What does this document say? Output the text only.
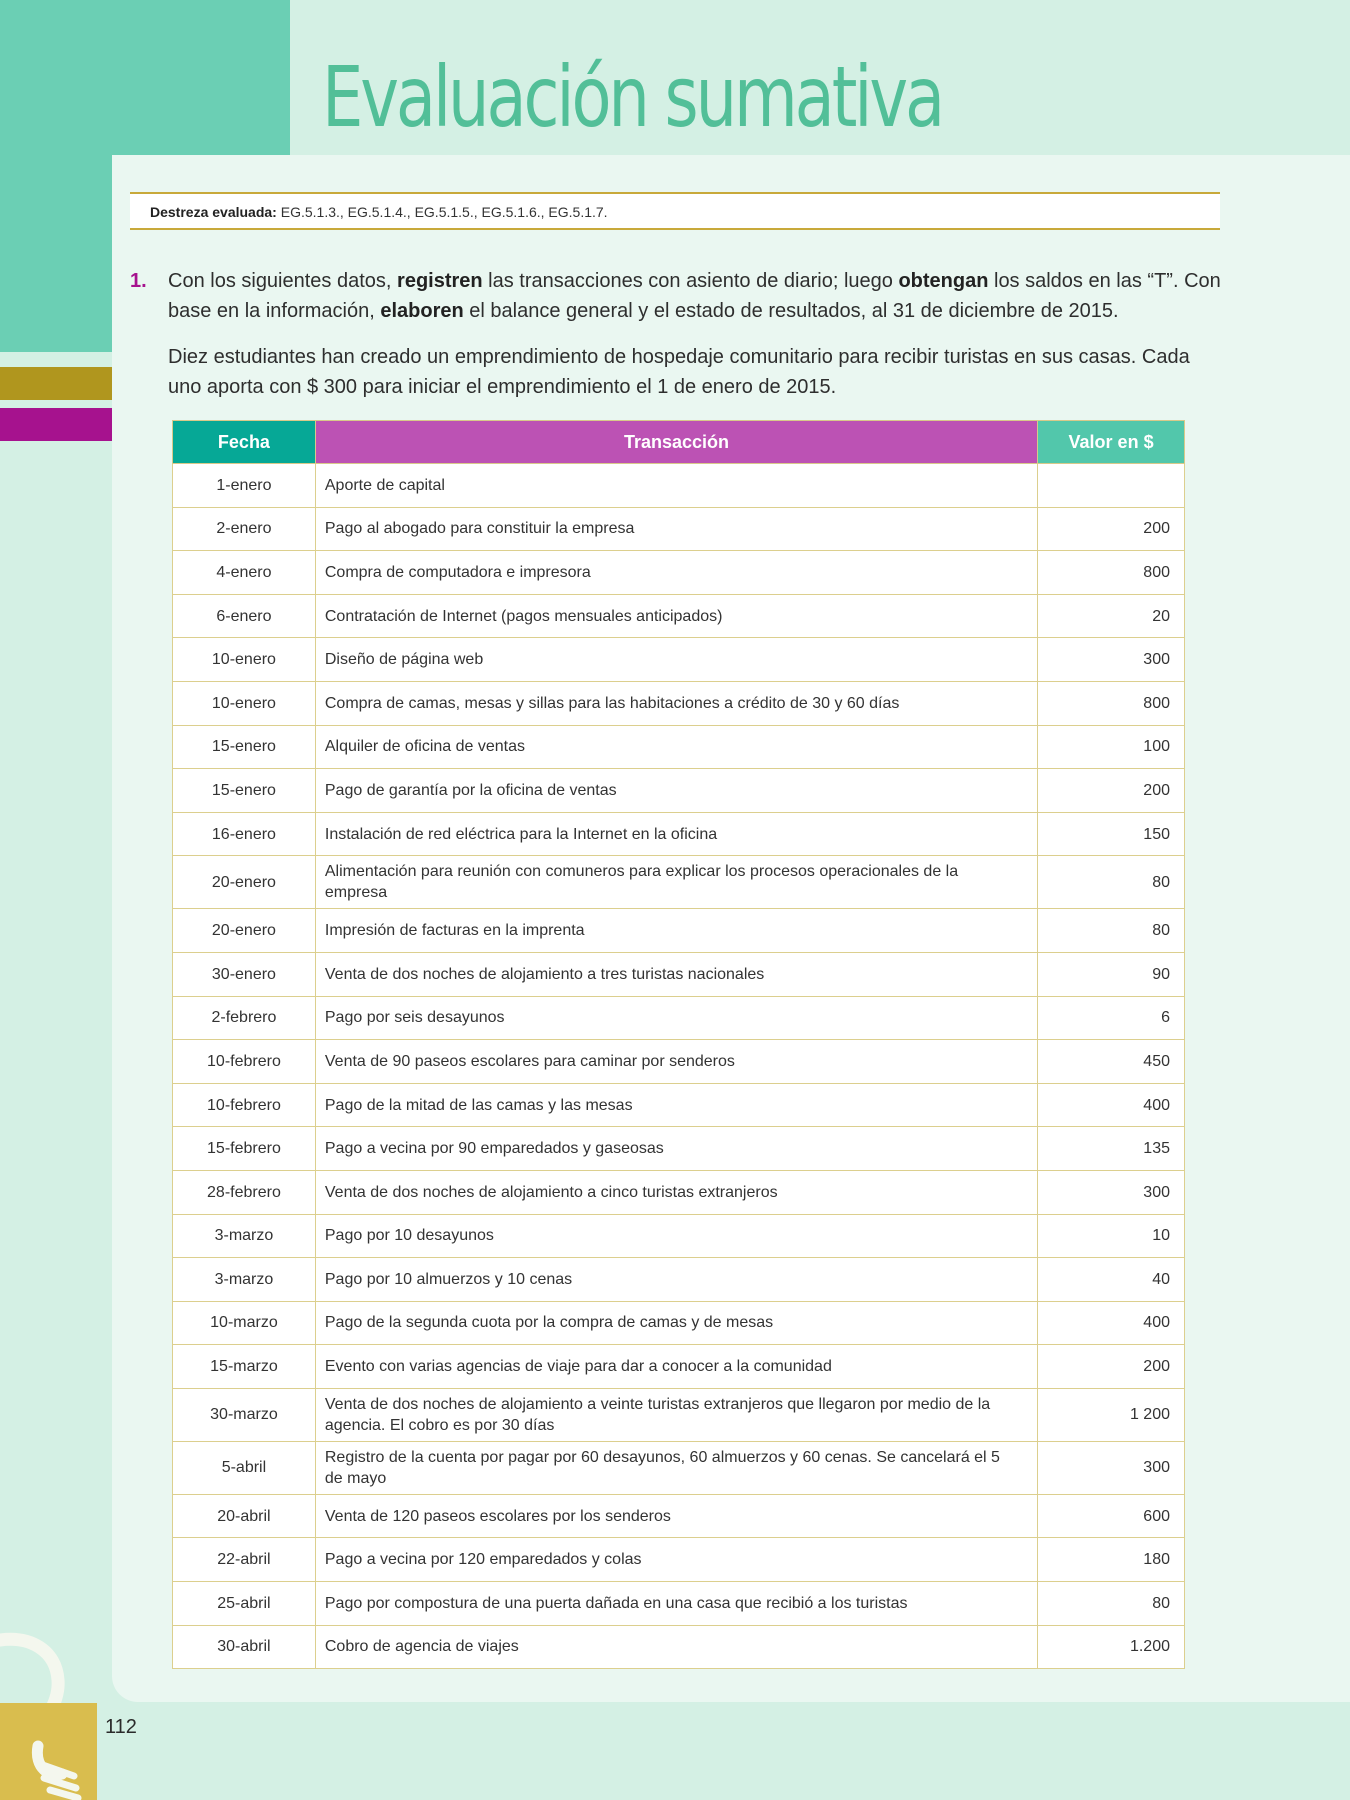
Evaluación sumativa
Destreza evaluada: EG.5.1.3., EG.5.1.4., EG.5.1.5., EG.5.1.6., EG.5.1.7.
1. Con los siguientes datos, registren las transacciones con asiento de diario; luego obtengan los saldos en las “T”. Con base en la información, elaboren el balance general y el estado de resultados, al 31 de diciembre de 2015.

Diez estudiantes han creado un emprendimiento de hospedaje comunitario para recibir turistas en sus casas. Cada uno aporta con $ 300 para iniciar el emprendimiento el 1 de enero de 2015.

Fecha	Transacción	Valor en $
1-enero	Aporte de capital	
2-enero	Pago al abogado para constituir la empresa	200
4-enero	Compra de computadora e impresora	800
6-enero	Contratación de Internet (pagos mensuales anticipados)	20
10-enero	Diseño de página web	300
10-enero	Compra de camas, mesas y sillas para las habitaciones a crédito de 30 y 60 días	800
15-enero	Alquiler de oficina de ventas	100
15-enero	Pago de garantía por la oficina de ventas	200
16-enero	Instalación de red eléctrica para la Internet en la oficina	150
20-enero	Alimentación para reunión con comuneros para explicar los procesos operacionales de la empresa	80
20-enero	Impresión de facturas en la imprenta	80
30-enero	Venta de dos noches de alojamiento a tres turistas nacionales	90
2-febrero	Pago por seis desayunos	6
10-febrero	Venta de 90 paseos escolares para caminar por senderos	450
10-febrero	Pago de la mitad de las camas y las mesas	400
15-febrero	Pago a vecina por 90 emparedados y gaseosas	135
28-febrero	Venta de dos noches de alojamiento a cinco turistas extranjeros	300
3-marzo	Pago por 10 desayunos	10
3-marzo	Pago por 10 almuerzos y 10 cenas	40
10-marzo	Pago de la segunda cuota por la compra de camas y de mesas	400
15-marzo	Evento con varias agencias de viaje para dar a conocer a la comunidad	200
30-marzo	Venta de dos noches de alojamiento a veinte turistas extranjeros que llegaron por medio de la agencia. El cobro es por 30 días	1 200
5-abril	Registro de la cuenta por pagar por 60 desayunos, 60 almuerzos y 60 cenas. Se cancelará el 5 de mayo	300
20-abril	Venta de 120 paseos escolares por los senderos	600
22-abril	Pago a vecina por 120 emparedados y colas	180
25-abril	Pago por compostura de una puerta dañada en una casa que recibió a los turistas	80
30-abril	Cobro de agencia de viajes	1.200
112
